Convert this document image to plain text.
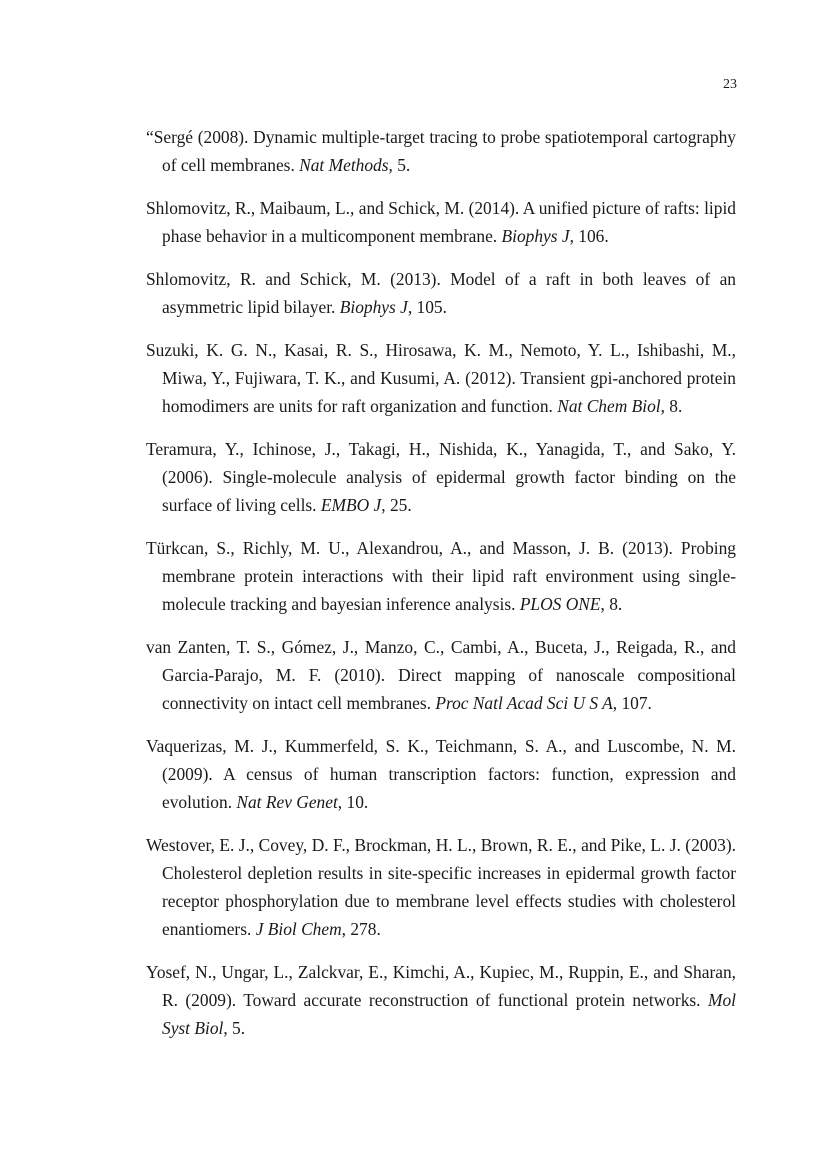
23

“Sergé (2008). Dynamic multiple-target tracing to probe spatiotemporal cartography of cell membranes. Nat Methods, 5.

Shlomovitz, R., Maibaum, L., and Schick, M. (2014). A unified picture of rafts: lipid phase behavior in a multicomponent membrane. Biophys J, 106.

Shlomovitz, R. and Schick, M. (2013). Model of a raft in both leaves of an asymmetric lipid bilayer. Biophys J, 105.

Suzuki, K. G. N., Kasai, R. S., Hirosawa, K. M., Nemoto, Y. L., Ishibashi, M., Miwa, Y., Fujiwara, T. K., and Kusumi, A. (2012). Transient gpi-anchored protein homodimers are units for raft organization and function. Nat Chem Biol, 8.

Teramura, Y., Ichinose, J., Takagi, H., Nishida, K., Yanagida, T., and Sako, Y. (2006). Single-molecule analysis of epidermal growth factor binding on the surface of living cells. EMBO J, 25.

Türkcan, S., Richly, M. U., Alexandrou, A., and Masson, J. B. (2013). Probing membrane protein interactions with their lipid raft environment using single-molecule tracking and bayesian inference analysis. PLOS ONE, 8.

van Zanten, T. S., Gómez, J., Manzo, C., Cambi, A., Buceta, J., Reigada, R., and Garcia-Parajo, M. F. (2010). Direct mapping of nanoscale compositional connectivity on intact cell membranes. Proc Natl Acad Sci U S A, 107.

Vaquerizas, M. J., Kummerfeld, S. K., Teichmann, S. A., and Luscombe, N. M. (2009). A census of human transcription factors: function, expression and evolution. Nat Rev Genet, 10.

Westover, E. J., Covey, D. F., Brockman, H. L., Brown, R. E., and Pike, L. J. (2003). Cholesterol depletion results in site-specific increases in epidermal growth factor receptor phosphorylation due to membrane level effects studies with cholesterol enantiomers. J Biol Chem, 278.

Yosef, N., Ungar, L., Zalckvar, E., Kimchi, A., Kupiec, M., Ruppin, E., and Sharan, R. (2009). Toward accurate reconstruction of functional protein networks. Mol Syst Biol, 5.
